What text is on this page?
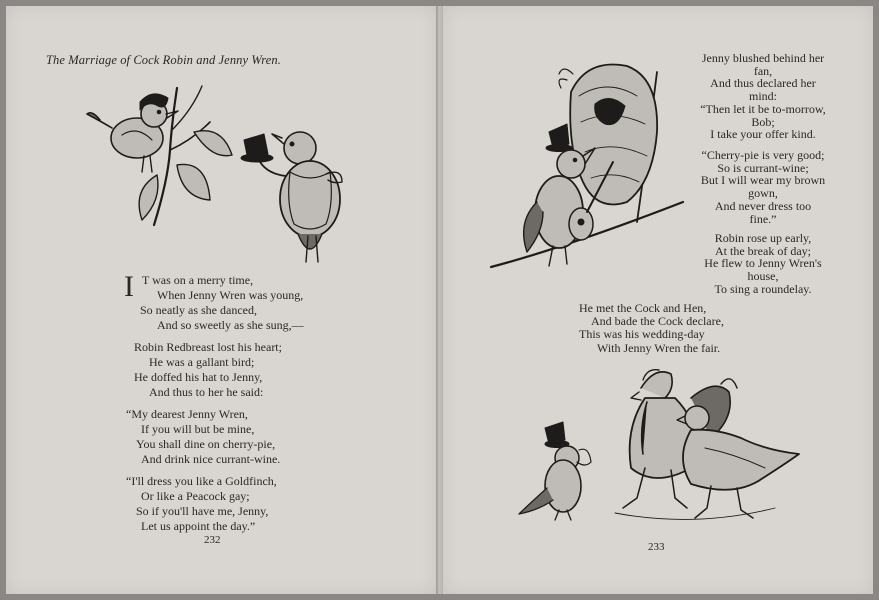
The Marriage of Cock Robin and Jenny Wren.
I T was on a merry time,
When Jenny Wren was young,
So neatly as she danced,
And so sweetly as she sung,—
Robin Redbreast lost his heart;
He was a gallant bird;
He doffed his hat to Jenny,
And thus to her he said:
“My dearest Jenny Wren,
If you will but be mine,
You shall dine on cherry-pie,
And drink nice currant-wine.
“I'll dress you like a Goldfinch,
Or like a Peacock gay;
So if you'll have me, Jenny,
Let us appoint the day.”
232
Jenny blushed behind her
fan,
And thus declared her
mind:
“Then let it be to-morrow,
Bob;
I take your offer kind.
“Cherry-pie is very good;
So is currant-wine;
But I will wear my brown
gown,
And never dress too
fine.”
Robin rose up early,
At the break of day;
He flew to Jenny Wren's
house,
To sing a roundelay.
He met the Cock and Hen,
And bade the Cock declare,
This was his wedding-day
With Jenny Wren the fair.
233
